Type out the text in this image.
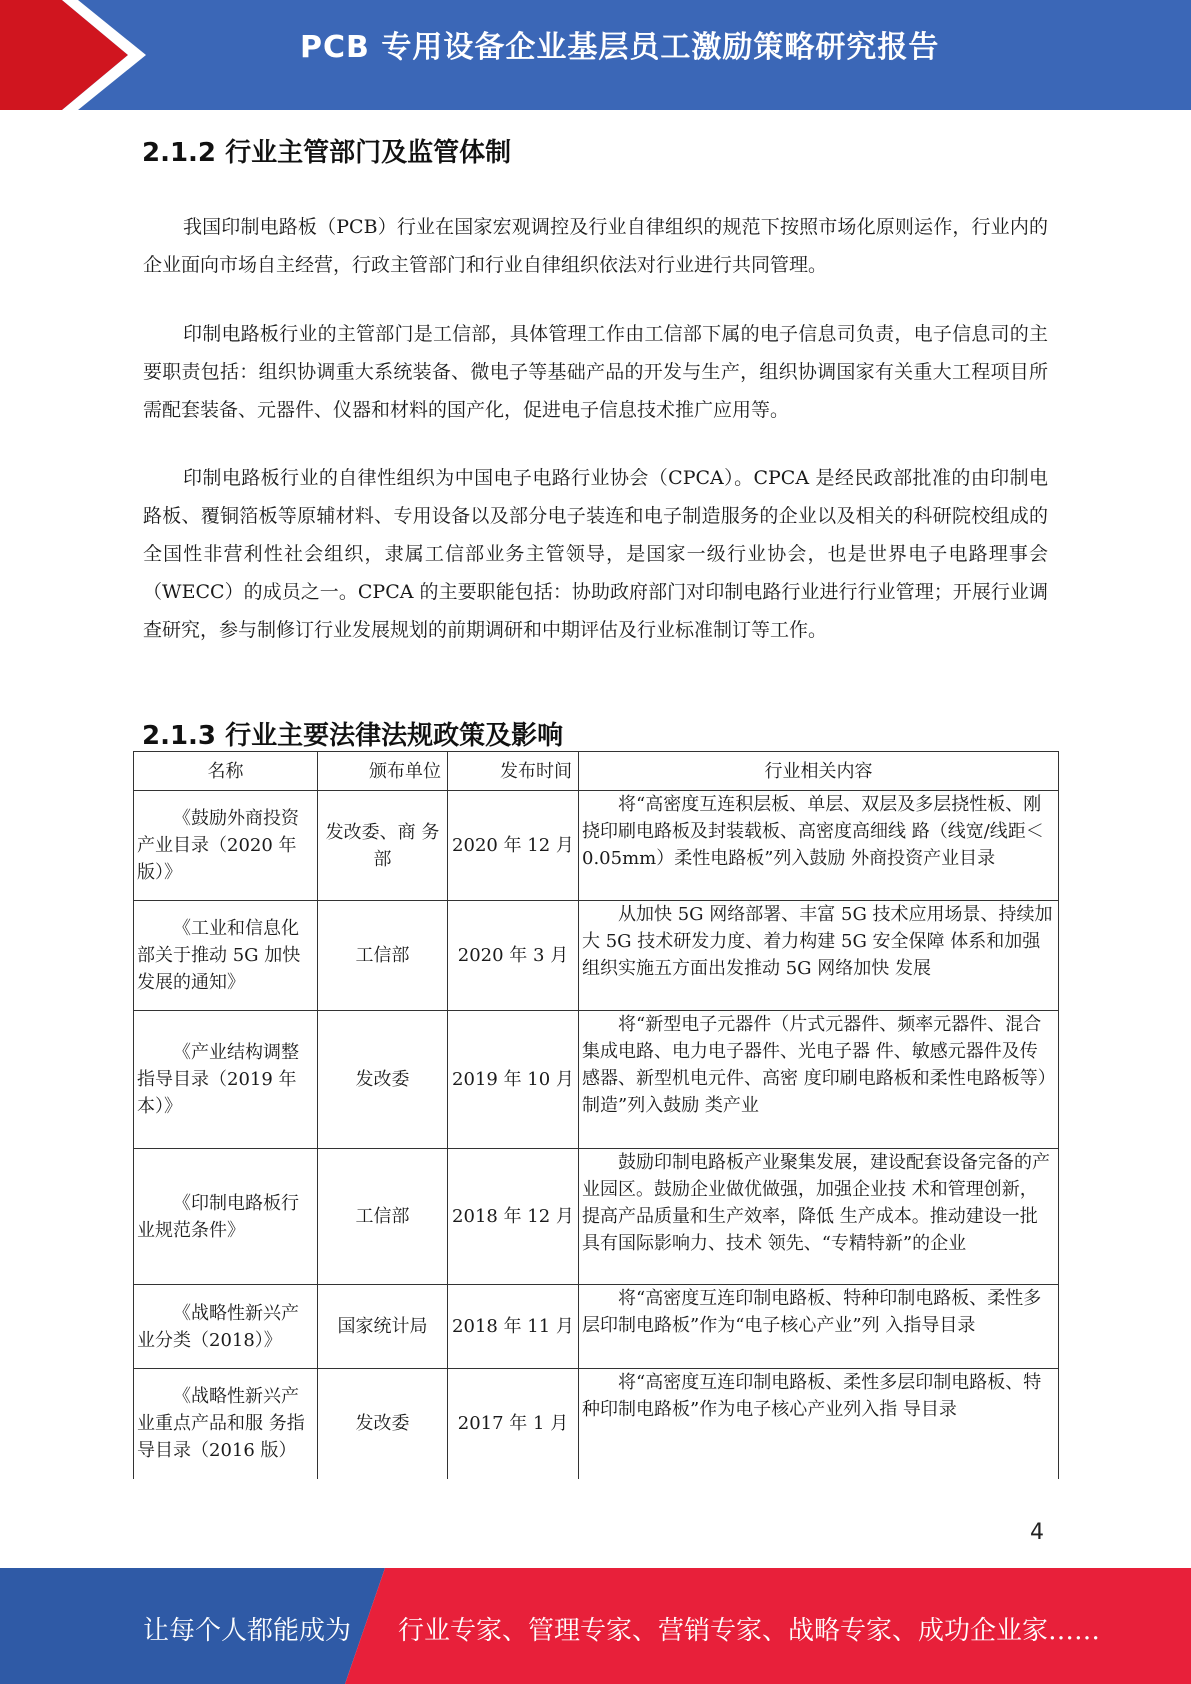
PCB 专用设备企业基层员工激励策略研究报告
2.1.2 行业主管部门及监管体制

我国印制电路板（PCB）行业在国家宏观调控及行业自律组织的规范下按照市场化原则运作，行业内的企业面向市场自主经营，行政主管部门和行业自律组织依法对行业进行共同管理。

印制电路板行业的主管部门是工信部，具体管理工作由工信部下属的电子信息司负责，电子信息司的主要职责包括：组织协调重大系统装备、微电子等基础产品的开发与生产，组织协调国家有关重大工程项目所需配套装备、元器件、仪器和材料的国产化，促进电子信息技术推广应用等。

印制电路板行业的自律性组织为中国电子电路行业协会（CPCA）。CPCA 是经民政部批准的由印制电路板、覆铜箔板等原辅材料、专用设备以及部分电子装连和电子制造服务的企业以及相关的科研院校组成的全国性非营利性社会组织，隶属工信部业务主管领导，是国家一级行业协会，也是世界电子电路理事会（WECC）的成员之一。CPCA 的主要职能包括：协助政府部门对印制电路行业进行行业管理；开展行业调查研究，参与制修订行业发展规划的前期调研和中期评估及行业标准制订等工作。

2.1.3 行业主要法律法规政策及影响
名称	颁布单位	发布时间	行业相关内容
《鼓励外商投资产业目录（2020 年版）》	发改委、商 务部	2020 年 12 月	将“高密度互连积层板、单层、双层及多层挠性板、刚挠印刷电路板及封装载板、高密度高细线 路（线宽/线距＜0.05mm）柔性电路板”列入鼓励 外商投资产业目录
《工业和信息化部关于推动 5G 加快发展的通知》	工信部	2020 年 3 月	从加快 5G 网络部署、丰富 5G 技术应用场景、持续加大 5G 技术研发力度、着力构建 5G 安全保障 体系和加强组织实施五方面出发推动 5G 网络加快 发展
《产业结构调整指导目录（2019 年本）》	发改委	2019 年 10 月	将“新型电子元器件（片式元器件、频率元器件、混合集成电路、电力电子器件、光电子器 件、敏感元器件及传感器、新型机电元件、高密 度印刷电路板和柔性电路板等）制造”列入鼓励 类产业
《印制电路板行业规范条件》	工信部	2018 年 12 月	鼓励印制电路板产业聚集发展，建设配套设备完备的产业园区。鼓励企业做优做强，加强企业技 术和管理创新，提高产品质量和生产效率，降低 生产成本。推动建设一批具有国际影响力、技术 领先、“专精特新”的企业
《战略性新兴产业分类（2018）》	国家统计局	2018 年 11 月	将“高密度互连印制电路板、特种印制电路板、柔性多层印制电路板”作为“电子核心产业”列 入指导目录
《战略性新兴产业重点产品和服 务指导目录（2016 版）	发改委	2017 年 1 月	将“高密度互连印制电路板、柔性多层印制电路板、特种印制电路板”作为电子核心产业列入指 导目录
4
让每个人都能成为 行业专家、管理专家、营销专家、战略专家、成功企业家……
